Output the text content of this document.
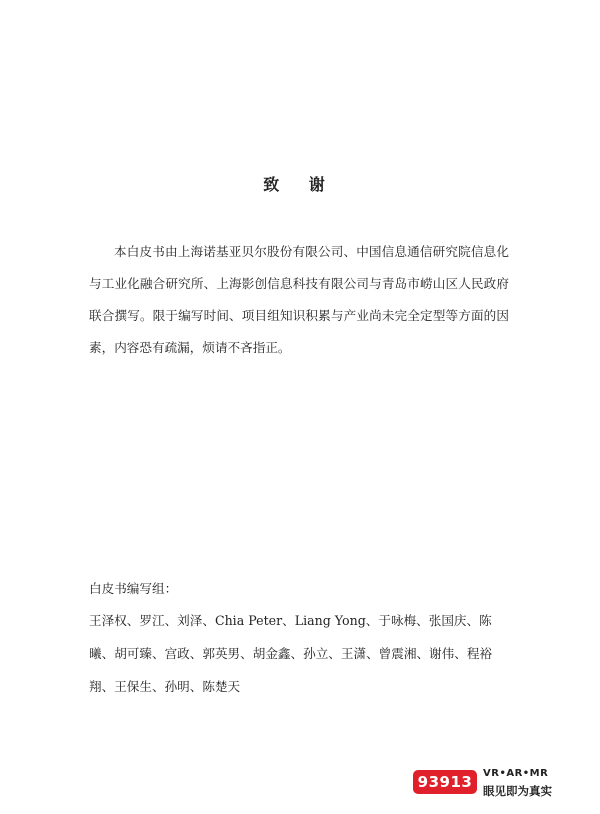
致 谢

本白皮书由上海诺基亚贝尔股份有限公司、中国信息通信研究院信息化与工业化融合研究所、上海影创信息科技有限公司与青岛市崂山区人民政府联合撰写。限于编写时间、项目组知识积累与产业尚未完全定型等方面的因素，内容恐有疏漏，烦请不吝指正。

白皮书编写组：

王泽权、罗江、刘泽、Chia Peter、Liang Yong、于咏梅、张国庆、陈曦、胡可臻、宫政、郭英男、胡金鑫、孙立、王潇、曾震湘、谢伟、程裕翔、王保生、孙明、陈楚天

93913	VR•AR•MR
眼见即为真实
